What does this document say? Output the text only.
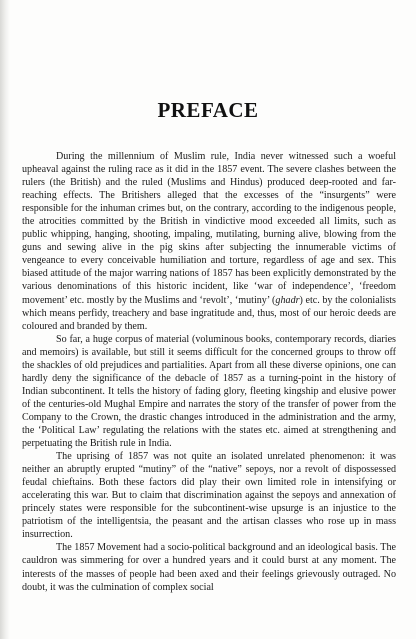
PREFACE

During the millennium of Muslim rule, India never witnessed such a woeful upheaval against the ruling race as it did in the 1857 event. The severe clashes between the rulers (the British) and the ruled (Muslims and Hindus) produced deep-rooted and far-reaching effects. The Britishers alleged that the excesses of the “insurgents” were responsible for the inhuman crimes but, on the contrary, according to the indigenous people, the atrocities committed by the British in vindictive mood exceeded all limits, such as public whipping, hanging, shooting, impaling, mutilating, burning alive, blowing from the guns and sewing alive in the pig skins after subjecting the innumerable victims of vengeance to every conceivable humiliation and torture, regardless of age and sex. This biased attitude of the major warring nations of 1857 has been explicitly demonstrated by the various denominations of this historic incident, like ‘war of independence’, ‘freedom movement’ etc. mostly by the Muslims and ‘revolt’, ‘mutiny’ (ghadr) etc. by the colonialists which means perfidy, treachery and base ingratitude and, thus, most of our heroic deeds are coloured and branded by them.

So far, a huge corpus of material (voluminous books, contemporary records, diaries and memoirs) is available, but still it seems difficult for the concerned groups to throw off the shackles of old prejudices and partialities. Apart from all these diverse opinions, one can hardly deny the significance of the debacle of 1857 as a turning-point in the history of Indian subcontinent. It tells the history of fading glory, fleeting kingship and elusive power of the centuries-old Mughal Empire and narrates the story of the transfer of power from the Company to the Crown, the drastic changes introduced in the administration and the army, the ‘Political Law’ regulating the relations with the states etc. aimed at strengthening and perpetuating the British rule in India.

The uprising of 1857 was not quite an isolated unrelated phenomenon: it was neither an abruptly erupted “mutiny” of the “native” sepoys, nor a revolt of dispossessed feudal chieftains. Both these factors did play their own limited role in intensifying or accelerating this war. But to claim that discrimination against the sepoys and annexation of princely states were responsible for the subcontinent-wise upsurge is an injustice to the patriotism of the intelligentsia, the peasant and the artisan classes who rose up in mass insurrection.

The 1857 Movement had a socio-political background and an ideological basis. The cauldron was simmering for over a hundred years and it could burst at any moment. The interests of the masses of people had been axed and their feelings grievously outraged. No doubt, it was the culmination of complex social
